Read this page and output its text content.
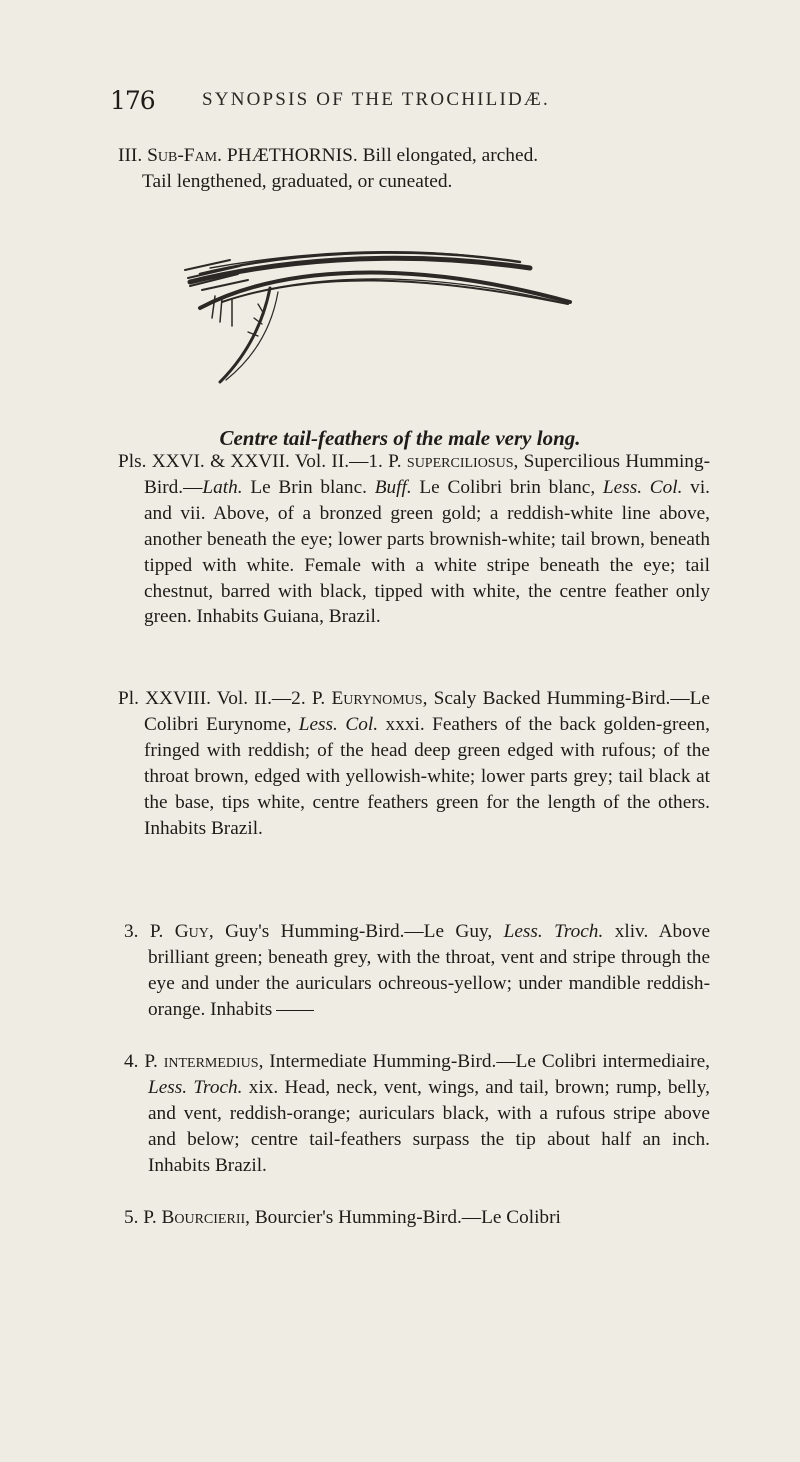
176 SYNOPSIS OF THE TROCHILIDÆ.
III. Sub-Fam. PHÆTHORNIS. Bill elongated, arched.
Tail lengthened, graduated, or cuneated.
Centre tail-feathers of the male very long.

Pls. XXVI. & XXVII. Vol. II.—1. P. superciliosus, Supercilious Humming-Bird.—Lath. Le Brin blanc. Buff. Le Colibri brin blanc, Less. Col. vi. and vii. Above, of a bronzed green gold; a reddish-white line above, another beneath the eye; lower parts brownish-white; tail brown, beneath tipped with white. Female with a white stripe beneath the eye; tail chestnut, barred with black, tipped with white, the centre feather only green. Inhabits Guiana, Brazil.

Pl. XXVIII. Vol. II.—2. P. Eurynomus, Scaly Backed Humming-Bird.—Le Colibri Eurynome, Less. Col. xxxi. Feathers of the back golden-green, fringed with reddish; of the head deep green edged with rufous; of the throat brown, edged with yellowish-white; lower parts grey; tail black at the base, tips white, centre feathers green for the length of the others. Inhabits Brazil.

3. P. Guy, Guy's Humming-Bird.—Le Guy, Less. Troch. xliv. Above brilliant green; beneath grey, with the throat, vent and stripe through the eye and under the auriculars ochreous-yellow; under mandible reddish-orange. Inhabits

4. P. intermedius, Intermediate Humming-Bird.—Le Colibri intermediaire, Less. Troch. xix. Head, neck, vent, wings, and tail, brown; rump, belly, and vent, reddish-orange; auriculars black, with a rufous stripe above and below; centre tail-feathers surpass the tip about half an inch. Inhabits Brazil.

5. P. Bourcierii, Bourcier's Humming-Bird.—Le Colibri
